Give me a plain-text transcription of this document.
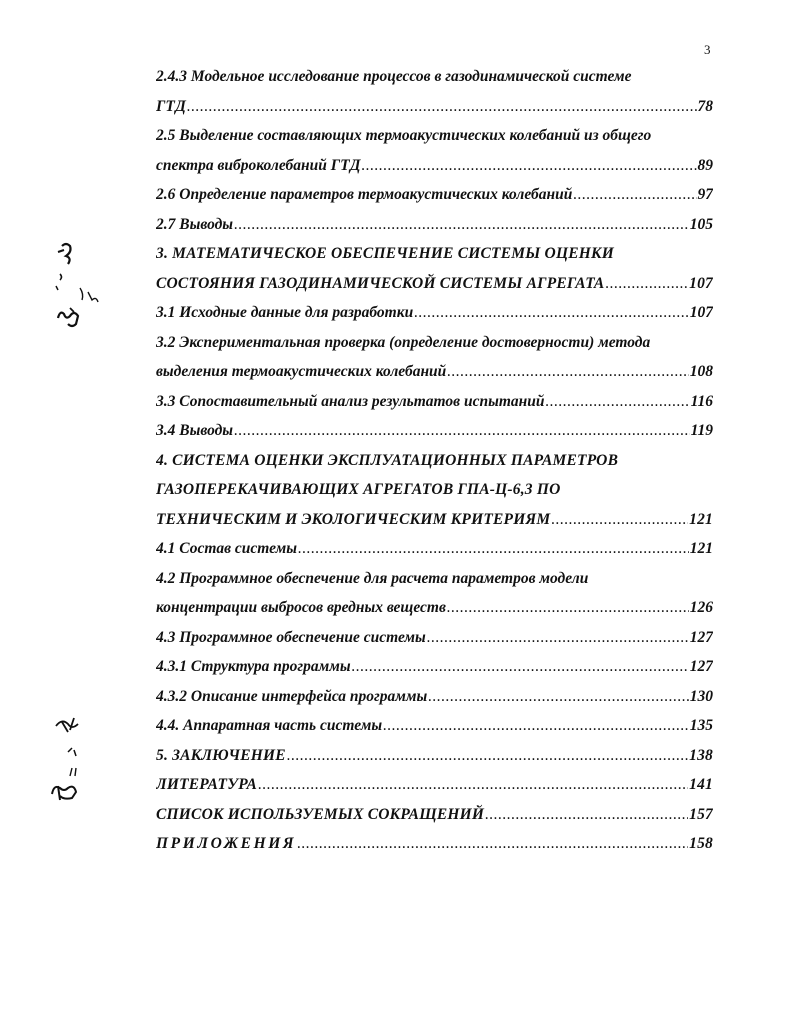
3
2.4.3 Модельное исследование процессов в газодинамической системе
ГТД .....	78
2.5 Выделение составляющих термоакустических колебаний из общего
спектра виброколебаний ГТД .....	89
2.6 Определение параметров термоакустических колебаний .....	97
2.7 Выводы .....	105
3. МАТЕМАТИЧЕСКОЕ ОБЕСПЕЧЕНИЕ СИСТЕМЫ ОЦЕНКИ
СОСТОЯНИЯ ГАЗОДИНАМИЧЕСКОЙ СИСТЕМЫ АГРЕГАТА .....	107
3.1 Исходные данные для разработки .....	107
3.2 Экспериментальная проверка (определение достоверности) метода
выделения термоакустических колебаний .....	108
3.3 Сопоставительный анализ результатов испытаний .....	116
3.4 Выводы .....	119
4. СИСТЕМА ОЦЕНКИ ЭКСПЛУАТАЦИОННЫХ ПАРАМЕТРОВ
ГАЗОПЕРЕКАЧИВАЮЩИХ АГРЕГАТОВ ГПА-Ц-6,3 ПО
ТЕХНИЧЕСКИМ И ЭКОЛОГИЧЕСКИМ КРИТЕРИЯМ .....	121
4.1 Состав системы .....	121
4.2 Программное обеспечение для расчета параметров модели
концентрации выбросов вредных веществ .....	126
4.3 Программное обеспечение системы .....	127
4.3.1 Структура программы .....	127
4.3.2 Описание интерфейса программы .....	130
4.4. Аппаратная часть системы .....	135
5. ЗАКЛЮЧЕНИЕ .....	138
ЛИТЕРАТУРА .....	141
СПИСОК ИСПОЛЬЗУЕМЫХ СОКРАЩЕНИЙ .....	157
ПРИЛОЖЕНИЯ .....	158
